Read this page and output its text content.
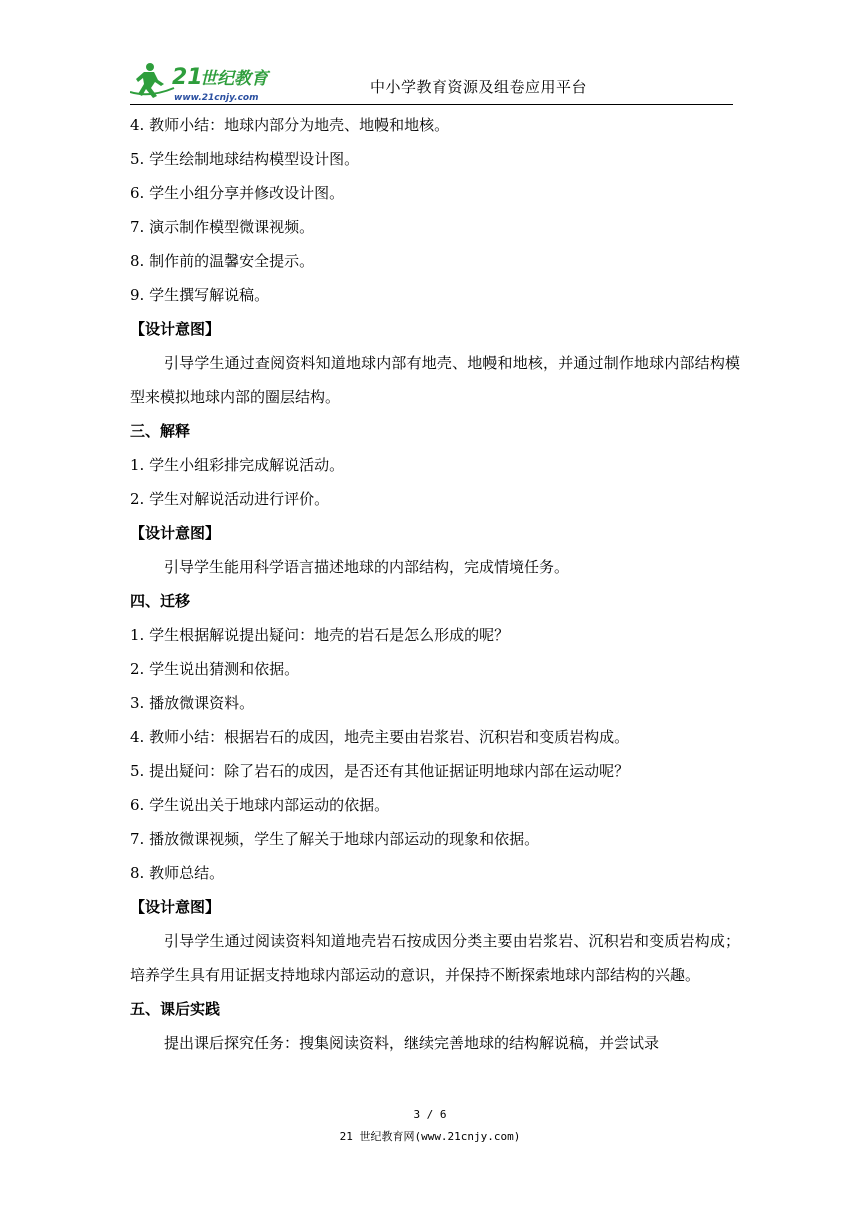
21
世纪教育
www.21cnjy.com
中小学教育资源及组卷应用平台
4. 教师小结：地球内部分为地壳、地幔和地核。
5. 学生绘制地球结构模型设计图。
6. 学生小组分享并修改设计图。
7. 演示制作模型微课视频。
8. 制作前的温馨安全提示。
9. 学生撰写解说稿。
【设计意图】
引导学生通过查阅资料知道地球内部有地壳、地幔和地核，并通过制作地球内部结构模型来模拟地球内部的圈层结构。
三、解释
1. 学生小组彩排完成解说活动。
2. 学生对解说活动进行评价。
【设计意图】
引导学生能用科学语言描述地球的内部结构，完成情境任务。
四、迁移
1. 学生根据解说提出疑问：地壳的岩石是怎么形成的呢？
2. 学生说出猜测和依据。
3. 播放微课资料。
4. 教师小结：根据岩石的成因，地壳主要由岩浆岩、沉积岩和变质岩构成。
5. 提出疑问：除了岩石的成因，是否还有其他证据证明地球内部在运动呢？
6. 学生说出关于地球内部运动的依据。
7. 播放微课视频，学生了解关于地球内部运动的现象和依据。
8. 教师总结。
【设计意图】
引导学生通过阅读资料知道地壳岩石按成因分类主要由岩浆岩、沉积岩和变质岩构成；培养学生具有用证据支持地球内部运动的意识，并保持不断探索地球内部结构的兴趣。
五、课后实践
提出课后探究任务：搜集阅读资料，继续完善地球的结构解说稿，并尝试录
3 / 6
21 世纪教育网(www.21cnjy.com)
